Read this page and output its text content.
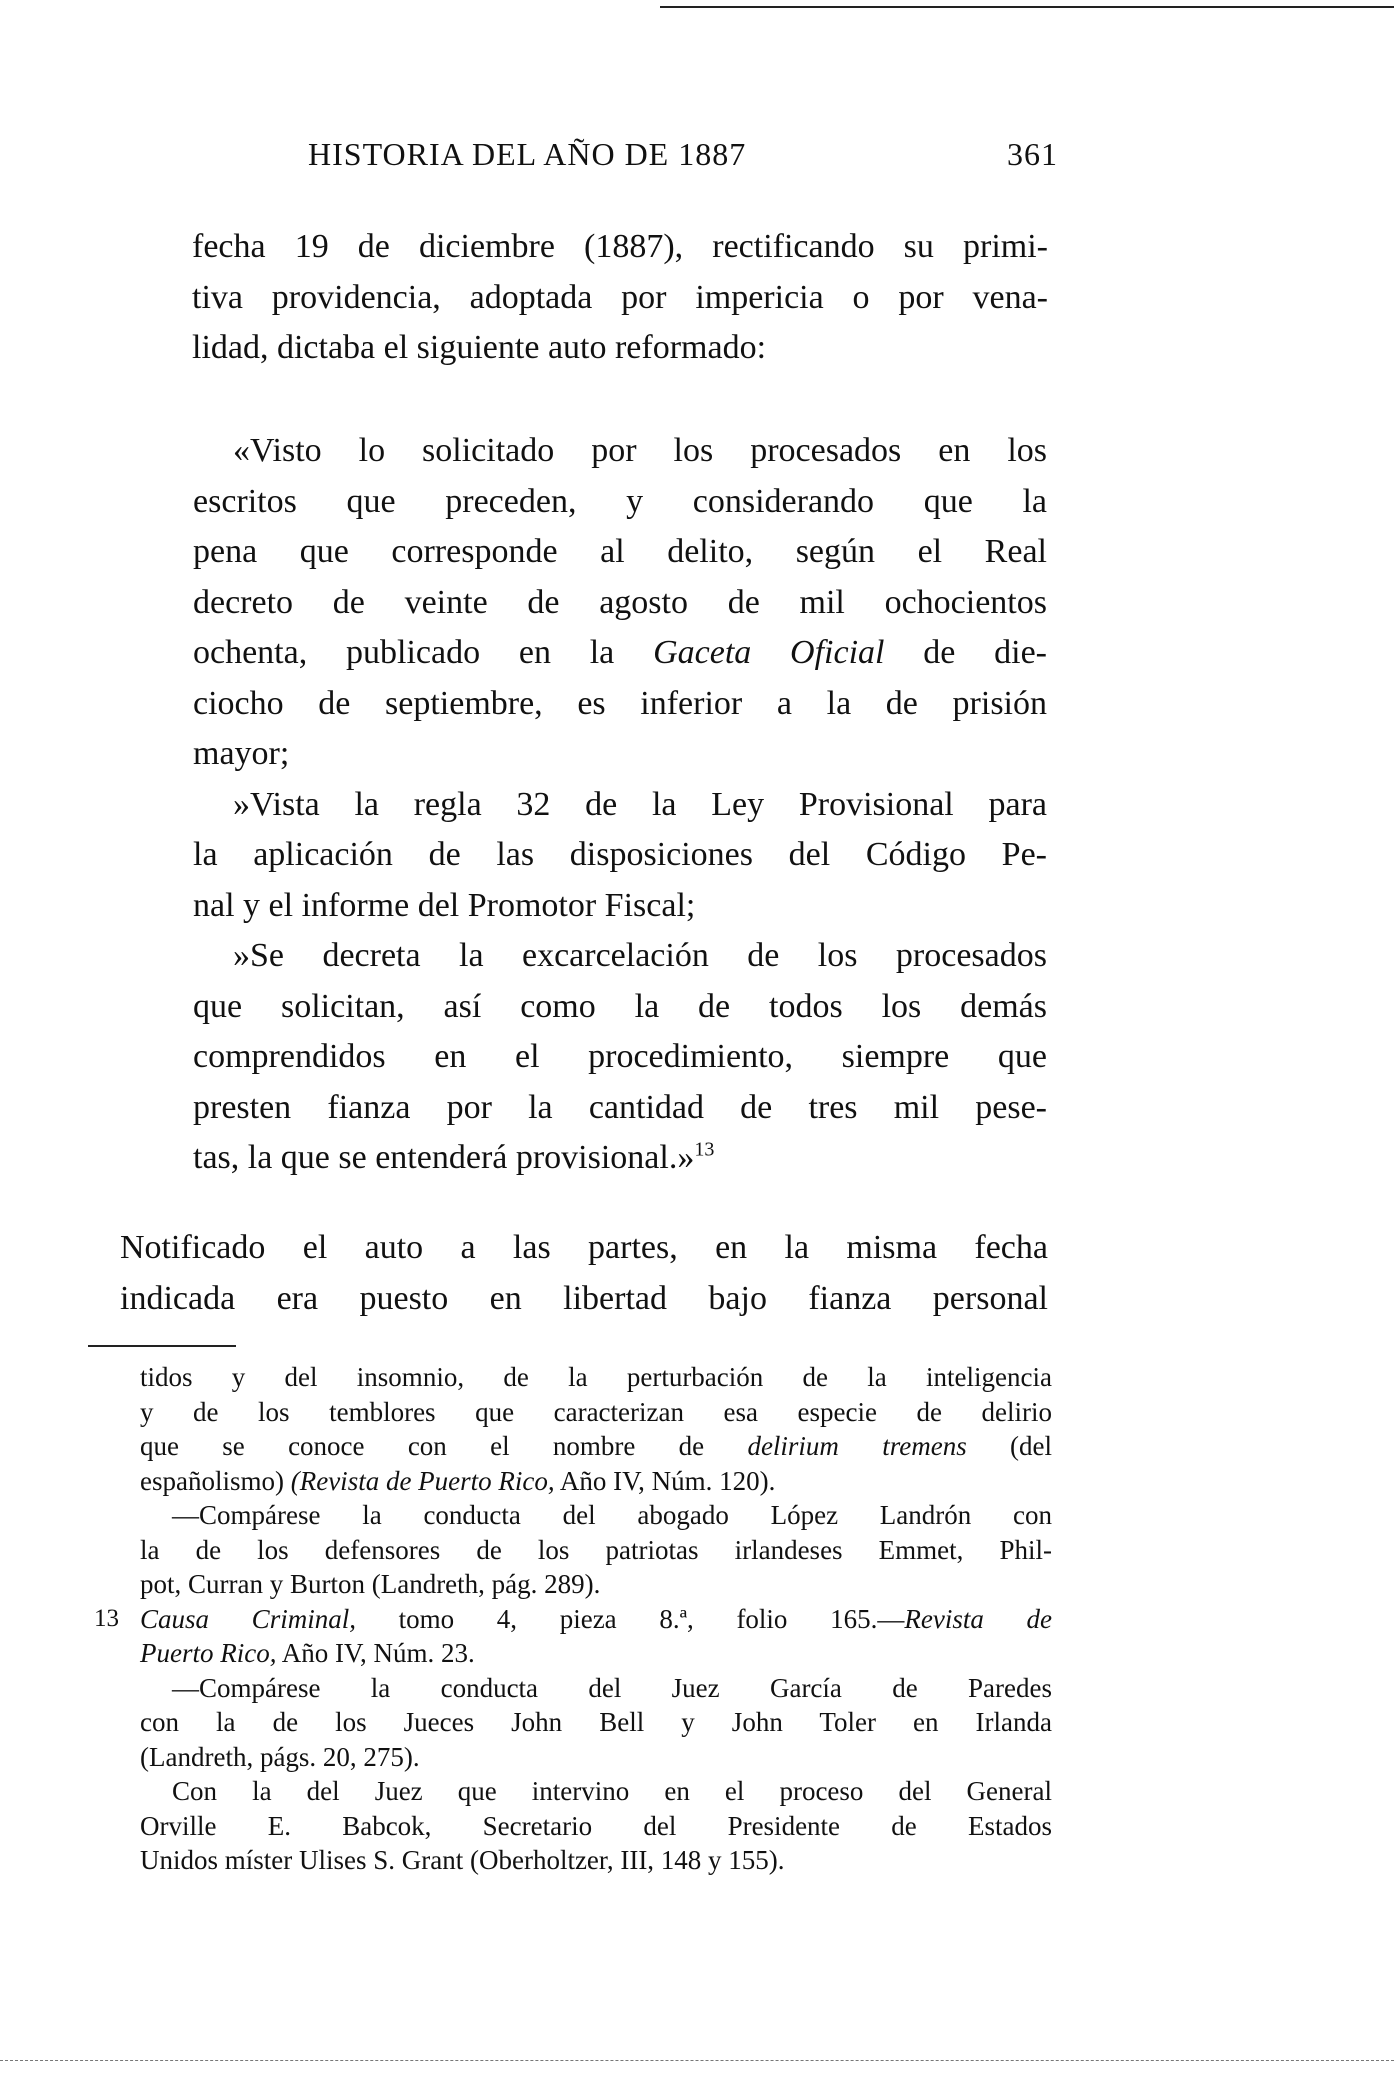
HISTORIA DEL AÑO DE 1887	361
fecha 19 de diciembre (1887), rectificando su primi-
tiva providencia, adoptada por impericia o por vena-
lidad, dictaba el siguiente auto reformado:
«Visto lo solicitado por los procesados en los
escritos que preceden, y considerando que la
pena que corresponde al delito, según el Real
decreto de veinte de agosto de mil ochocientos
ochenta, publicado en la Gaceta Oficial de die-
ciocho de septiembre, es inferior a la de prisión
mayor;
»Vista la regla 32 de la Ley Provisional para
la aplicación de las disposiciones del Código Pe-
nal y el informe del Promotor Fiscal;
»Se decreta la excarcelación de los procesados
que solicitan, así como la de todos los demás
comprendidos en el procedimiento, siempre que
presten fianza por la cantidad de tres mil pese-
tas, la que se entenderá provisional.»$^{13}$
Notificado el auto a las partes, en la misma fecha
indicada era puesto en libertad bajo fianza personal
tidos y del insomnio, de la perturbación de la inteligencia
y de los temblores que caracterizan esa especie de delirio
que se conoce con el nombre de delirium tremens (del
españolismo) (Revista de Puerto Rico, Año IV, Núm. 120).
—Compárese la conducta del abogado López Landrón con
la de los defensores de los patriotas irlandeses Emmet, Phil-
pot, Curran y Burton (Landreth, pág. 289).
13 Causa Criminal, tomo 4, pieza 8.ª, folio 165.—Revista de
Puerto Rico, Año IV, Núm. 23.
—Compárese la conducta del Juez García de Paredes
con la de los Jueces John Bell y John Toler en Irlanda
(Landreth, págs. 20, 275).
Con la del Juez que intervino en el proceso del General
Orville E. Babcok, Secretario del Presidente de Estados
Unidos míster Ulises S. Grant (Oberholtzer, III, 148 y 155).
